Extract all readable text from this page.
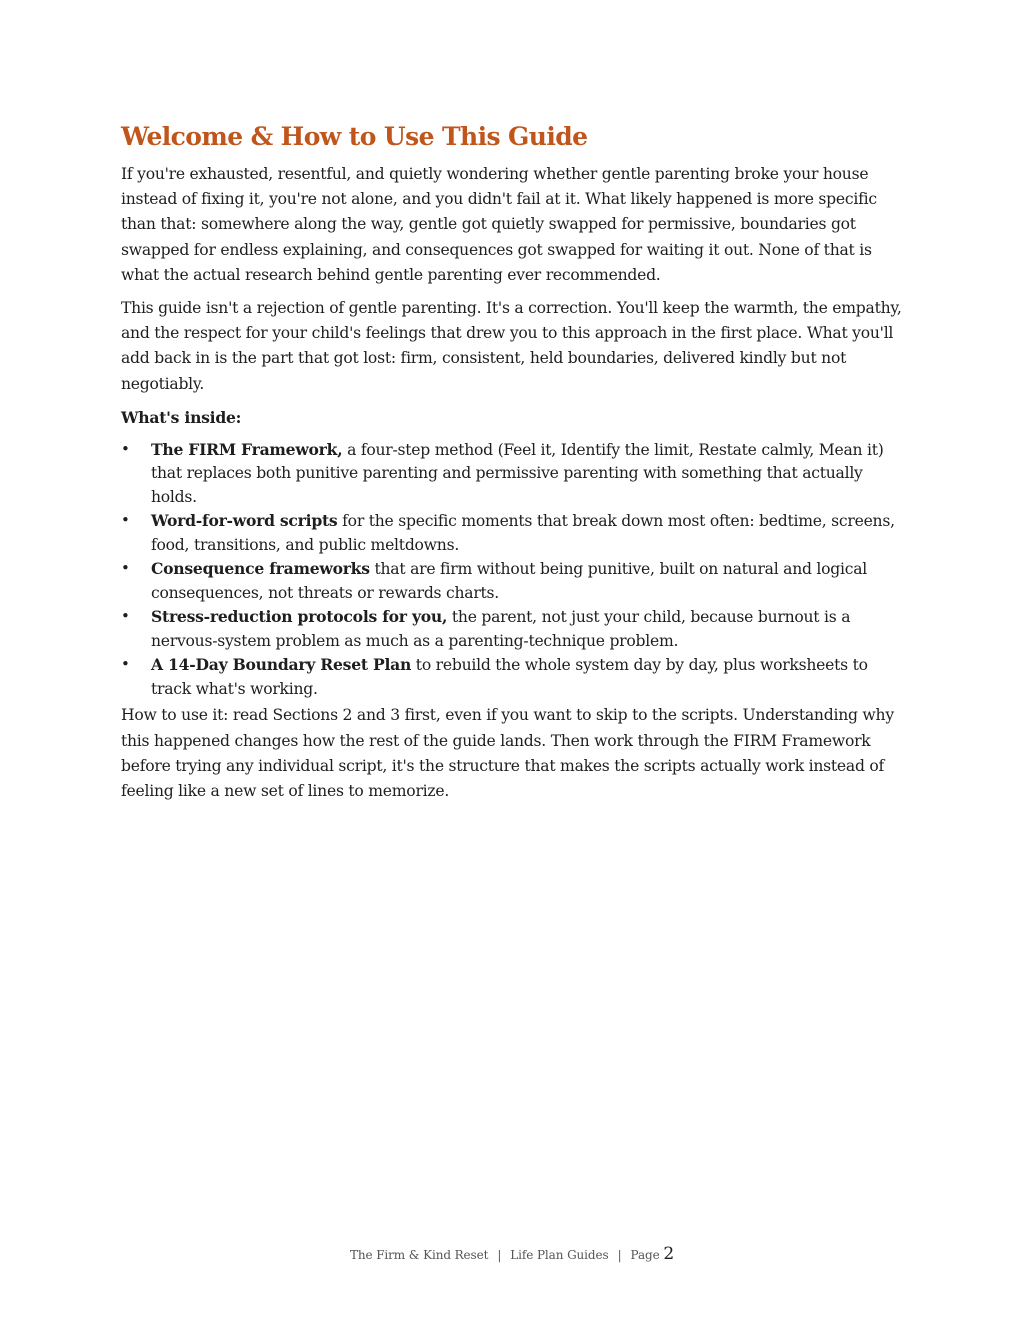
Welcome & How to Use This Guide

If you're exhausted, resentful, and quietly wondering whether gentle parenting broke your house instead of fixing it, you're not alone, and you didn't fail at it. What likely happened is more specific than that: somewhere along the way, gentle got quietly swapped for permissive, boundaries got swapped for endless explaining, and consequences got swapped for waiting it out. None of that is what the actual research behind gentle parenting ever recommended.

This guide isn't a rejection of gentle parenting. It's a correction. You'll keep the warmth, the empathy, and the respect for your child's feelings that drew you to this approach in the first place. What you'll add back in is the part that got lost: firm, consistent, held boundaries, delivered kindly but not negotiably.

What's inside:

• The FIRM Framework, a four-step method (Feel it, Identify the limit, Restate calmly, Mean it) that replaces both punitive parenting and permissive parenting with something that actually holds.
• Word-for-word scripts for the specific moments that break down most often: bedtime, screens, food, transitions, and public meltdowns.
• Consequence frameworks that are firm without being punitive, built on natural and logical consequences, not threats or rewards charts.
• Stress-reduction protocols for you, the parent, not just your child, because burnout is a nervous-system problem as much as a parenting-technique problem.
• A 14-Day Boundary Reset Plan to rebuild the whole system day by day, plus worksheets to track what's working.

How to use it: read Sections 2 and 3 first, even if you want to skip to the scripts. Understanding why this happened changes how the rest of the guide lands. Then work through the FIRM Framework before trying any individual script, it's the structure that makes the scripts actually work instead of feeling like a new set of lines to memorize.

The Firm & Kind Reset | Life Plan Guides | Page 2
